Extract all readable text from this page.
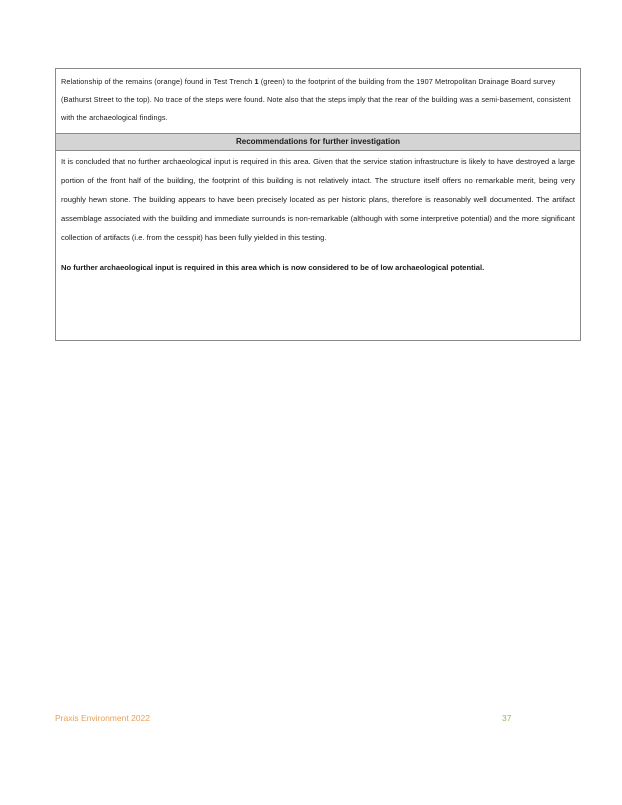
Relationship of the remains (orange) found in Test Trench 1 (green) to the footprint of the building from the 1907 Metropolitan Drainage Board survey (Bathurst Street to the top). No trace of the steps were found. Note also that the steps imply that the rear of the building was a semi-basement, consistent with the archaeological findings.
Recommendations for further investigation

It is concluded that no further archaeological input is required in this area. Given that the service station infrastructure is likely to have destroyed a large portion of the front half of the building, the footprint of this building is not relatively intact. The structure itself offers no remarkable merit, being very roughly hewn stone. The building appears to have been precisely located as per historic plans, therefore is reasonably well documented. The artifact assemblage associated with the building and immediate surrounds is non-remarkable (although with some interpretive potential) and the more significant collection of artifacts (i.e. from the cesspit) has been fully yielded in this testing.

No further archaeological input is required in this area which is now considered to be of low archaeological potential.

Praxis Environment 2022	37
